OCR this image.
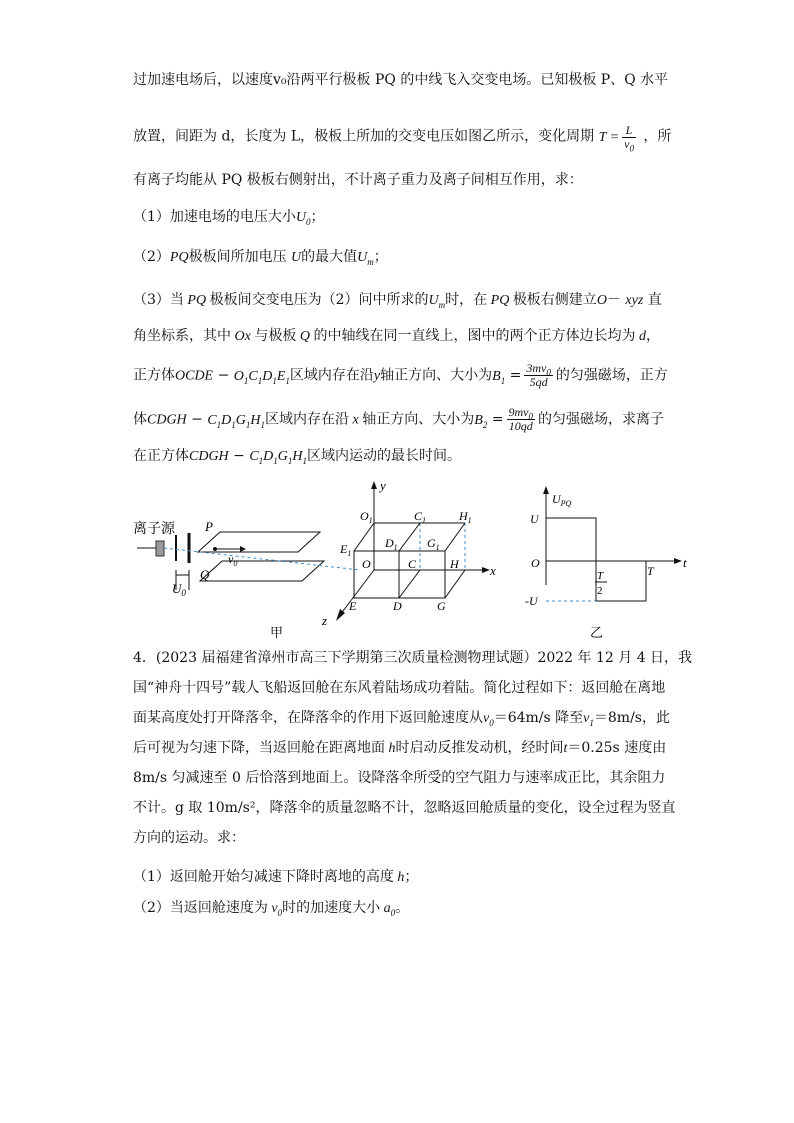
过加速电场后，以速度v₀沿两平行极板 PQ 的中线飞入交变电场。已知极板 P、Q 水平
放置，间距为 d，长度为 L，极板上所加的交变电压如图乙所示，变化周期 $T = \frac{L}{v_0}$ ，所
有离子均能从 PQ 极板右侧射出，不计离子重力及离子间相互作用，求：
（1）加速电场的电压大小$U_0$；
（2）PQ极板间所加电压 U的最大值$U_m$；
（3）当 PQ 极板间交变电压为（2）问中所求的$U_m$时，在 PQ 极板右侧建立O－ xyz 直
角坐标系，其中 Ox 与极板 Q 的中轴线在同一直线上，图中的两个正方体边长均为 d，
正方体OCDE − $O_1C_1D_1E_1$区域内存在沿y轴正方向、大小为$B_1 = \frac{3mv_0}{5qd}$ 的匀强磁场，正方
体CDGH − $C_1D_1G_1H_1$区域内存在沿 x 轴正方向、大小为$B_2 = \frac{9mv_0}{10qd}$ 的匀强磁场，求离子
在正方体CDGH − $C_1D_1G_1H_1$区域内运动的最长时间。
离子源
$U_0$
P
Q
$v_0$
y
x
z
$O_1$	$C_1$	$H_1$
$E_1$
$D_1$ $G_1$
O	C	H
E	D	G
甲
$U_{PQ}$
t
U
O
-U
T
2
T
乙
4．(2023 届福建省漳州市高三下学期第三次质量检测物理试题）2022 年 12 月 4 日，我
国“神舟十四号”载人飞船返回舱在东风着陆场成功着陆。简化过程如下：返回舱在离地
面某高度处打开降落伞，在降落伞的作用下返回舱速度从$v_0=64m/s$ 降至$v_1=8m/s$，此
后可视为匀速下降，当返回舱在距离地面 h时启动反推发动机，经时间t＝0.25s 速度由
8m/s 匀减速至 0 后恰落到地面上。设降落伞所受的空气阻力与速率成正比，其余阻力
不计。g 取 10m/s²，降落伞的质量忽略不计，忽略返回舱质量的变化，设全过程为竖直
方向的运动。求：
（1）返回舱开始匀减速下降时离地的高度 h；
（2）当返回舱速度为 $v_0$时的加速度大小 $a_0$。
